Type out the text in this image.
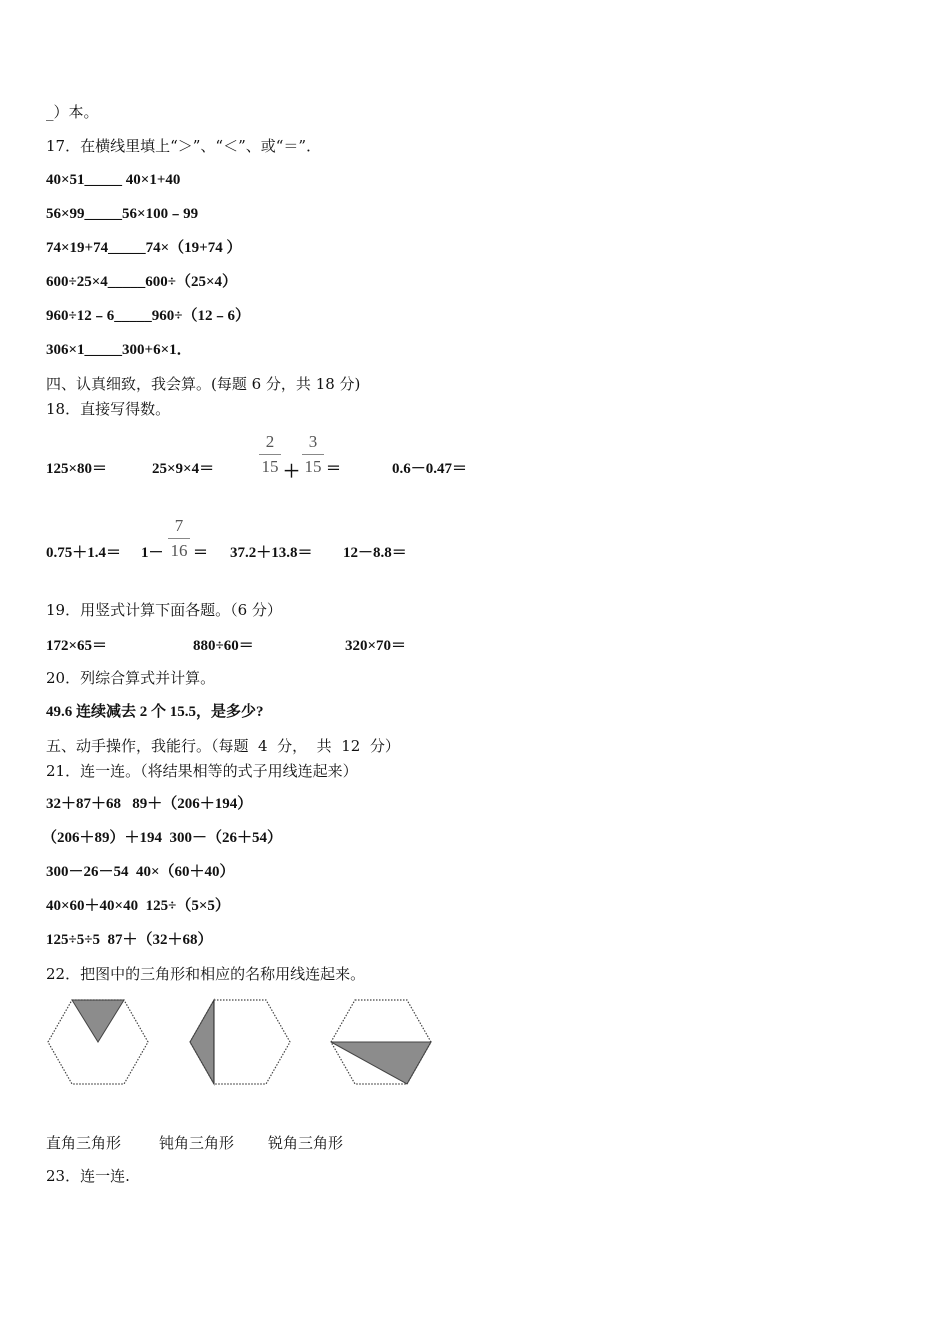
_）本。
17．在横线里填上“＞”、“＜”、或“＝”．
40×51_____ 40×1+40
56×99_____56×100﹣99
74×19+74_____74×（19+74 ）
600÷25×4_____600÷（25×4）
960÷12﹣6_____960÷（12﹣6）
306×1_____300+6×1．
四、认真细致，我会算。(每题 6 分，共 18 分)
18．直接写得数。
125×80＝	25×9×4＝
2
15 ＋
3
15 ＝	0.6－0.47＝
0.75＋1.4＝ 1－
7
16 ＝ 37.2＋13.8＝ 12－8.8＝
19．用竖式计算下面各题。（6 分）
172×65＝	880÷60＝	320×70＝
20．列综合算式并计算。
49.6 连续减去 2 个 15.5，是多少?
五、动手操作，我能行。（每题  4  分，  共  12  分）
21．连一连。（将结果相等的式子用线连起来）
32＋87＋68   89＋（206＋194）
（206＋89）＋194  300－（26＋54）
300－26－54  40×（60＋40）
40×60＋40×40  125÷（5×5）
125÷5÷5  87＋（32＋68）
22．把图中的三角形和相应的名称用线连起来。
直角三角形	钝角三角形 锐角三角形
23．连一连.
